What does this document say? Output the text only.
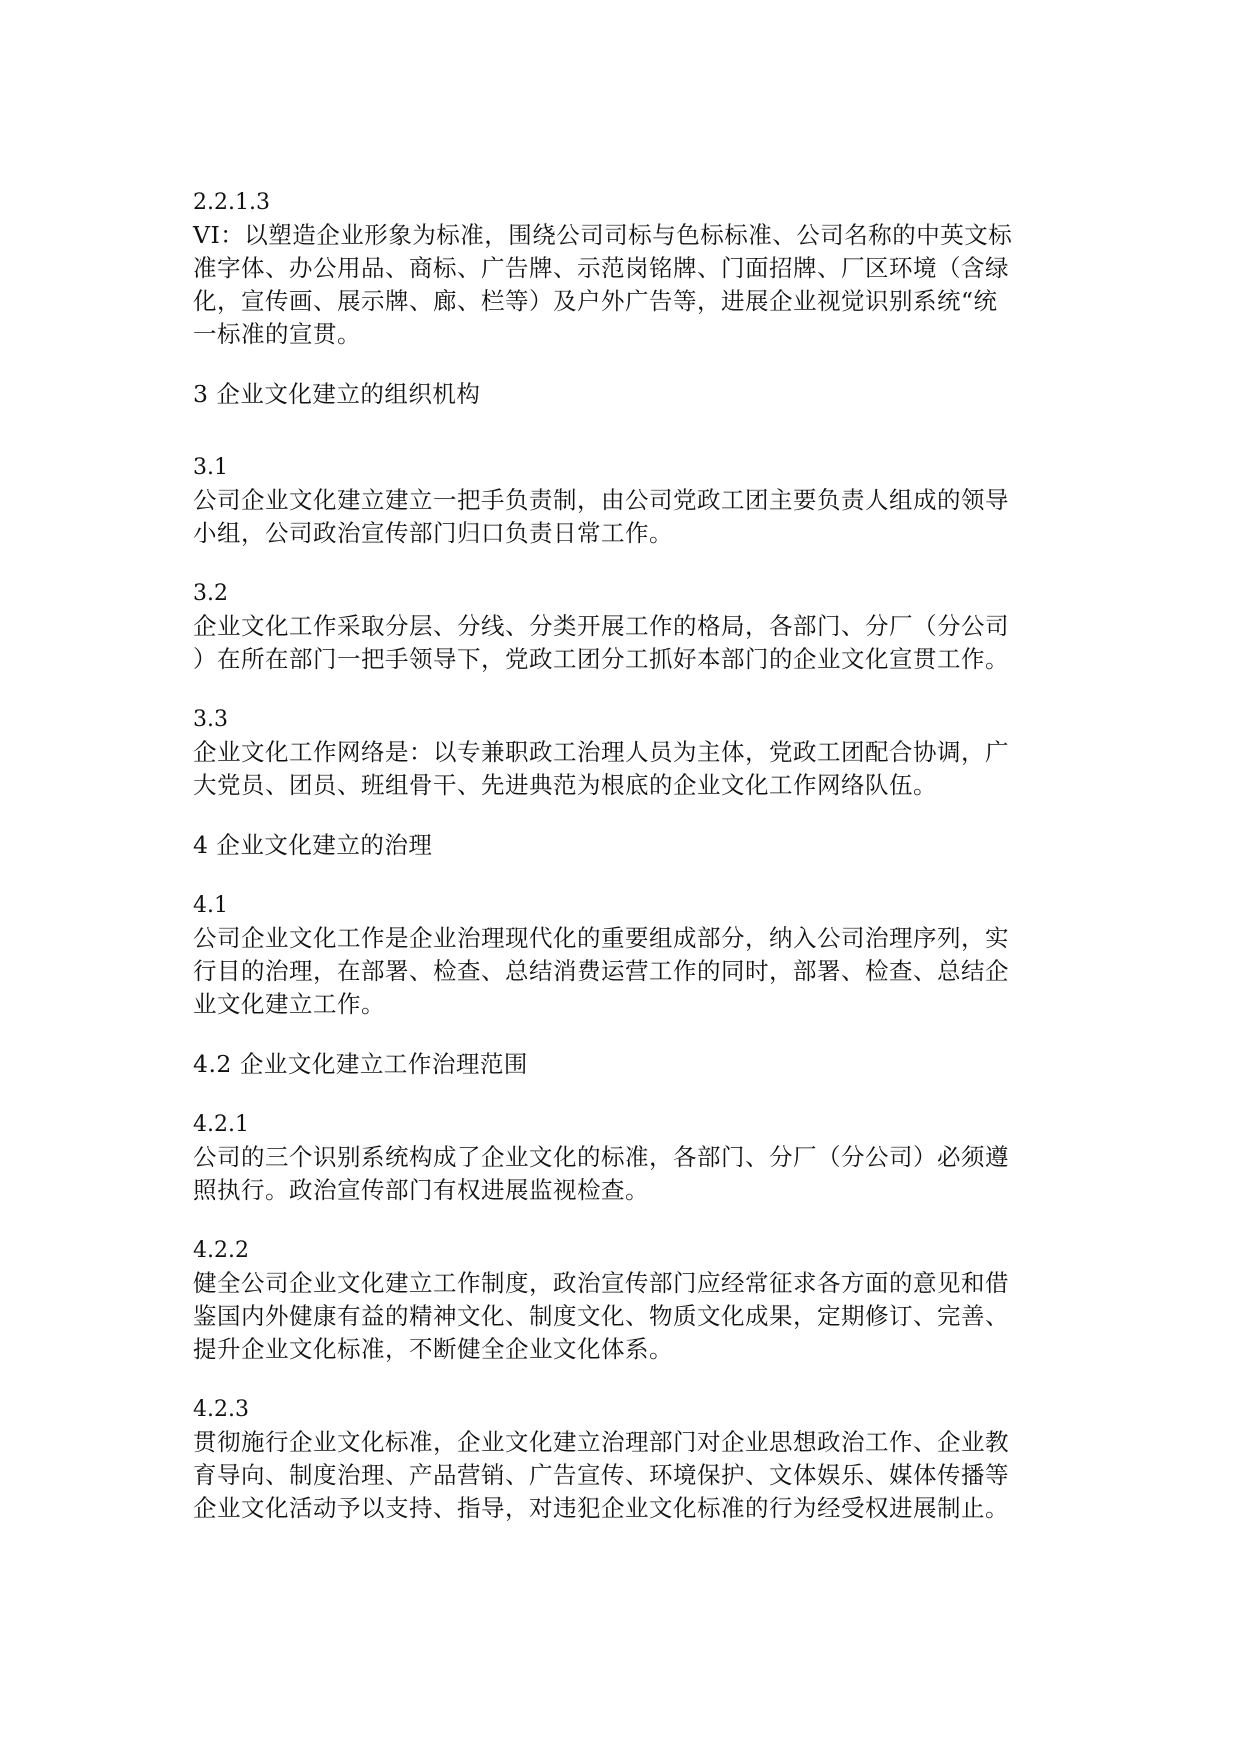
2.2.1.3
VI：以塑造企业形象为标准，围绕公司司标与色标标准、公司名称的中英文标
准字体、办公用品、商标、广告牌、示范岗铭牌、门面招牌、厂区环境（含绿
化，宣传画、展示牌、廊、栏等）及户外广告等，进展企业视觉识别系统“统
一标准的宣贯。
3 企业文化建立的组织机构
3.1
公司企业文化建立建立一把手负责制，由公司党政工团主要负责人组成的领导
小组，公司政治宣传部门归口负责日常工作。
3.2
企业文化工作采取分层、分线、分类开展工作的格局，各部门、分厂（分公司
）在所在部门一把手领导下，党政工团分工抓好本部门的企业文化宣贯工作。
3.3
企业文化工作网络是：以专兼职政工治理人员为主体，党政工团配合协调，广
大党员、团员、班组骨干、先进典范为根底的企业文化工作网络队伍。
4 企业文化建立的治理
4.1
公司企业文化工作是企业治理现代化的重要组成部分，纳入公司治理序列，实
行目的治理，在部署、检查、总结消费运营工作的同时，部署、检查、总结企
业文化建立工作。
4.2 企业文化建立工作治理范围
4.2.1
公司的三个识别系统构成了企业文化的标准，各部门、分厂（分公司）必须遵
照执行。政治宣传部门有权进展监视检查。
4.2.2
健全公司企业文化建立工作制度，政治宣传部门应经常征求各方面的意见和借
鉴国内外健康有益的精神文化、制度文化、物质文化成果，定期修订、完善、
提升企业文化标准，不断健全企业文化体系。
4.2.3
贯彻施行企业文化标准，企业文化建立治理部门对企业思想政治工作、企业教
育导向、制度治理、产品营销、广告宣传、环境保护、文体娱乐、媒体传播等
企业文化活动予以支持、指导，对违犯企业文化标准的行为经受权进展制止。
